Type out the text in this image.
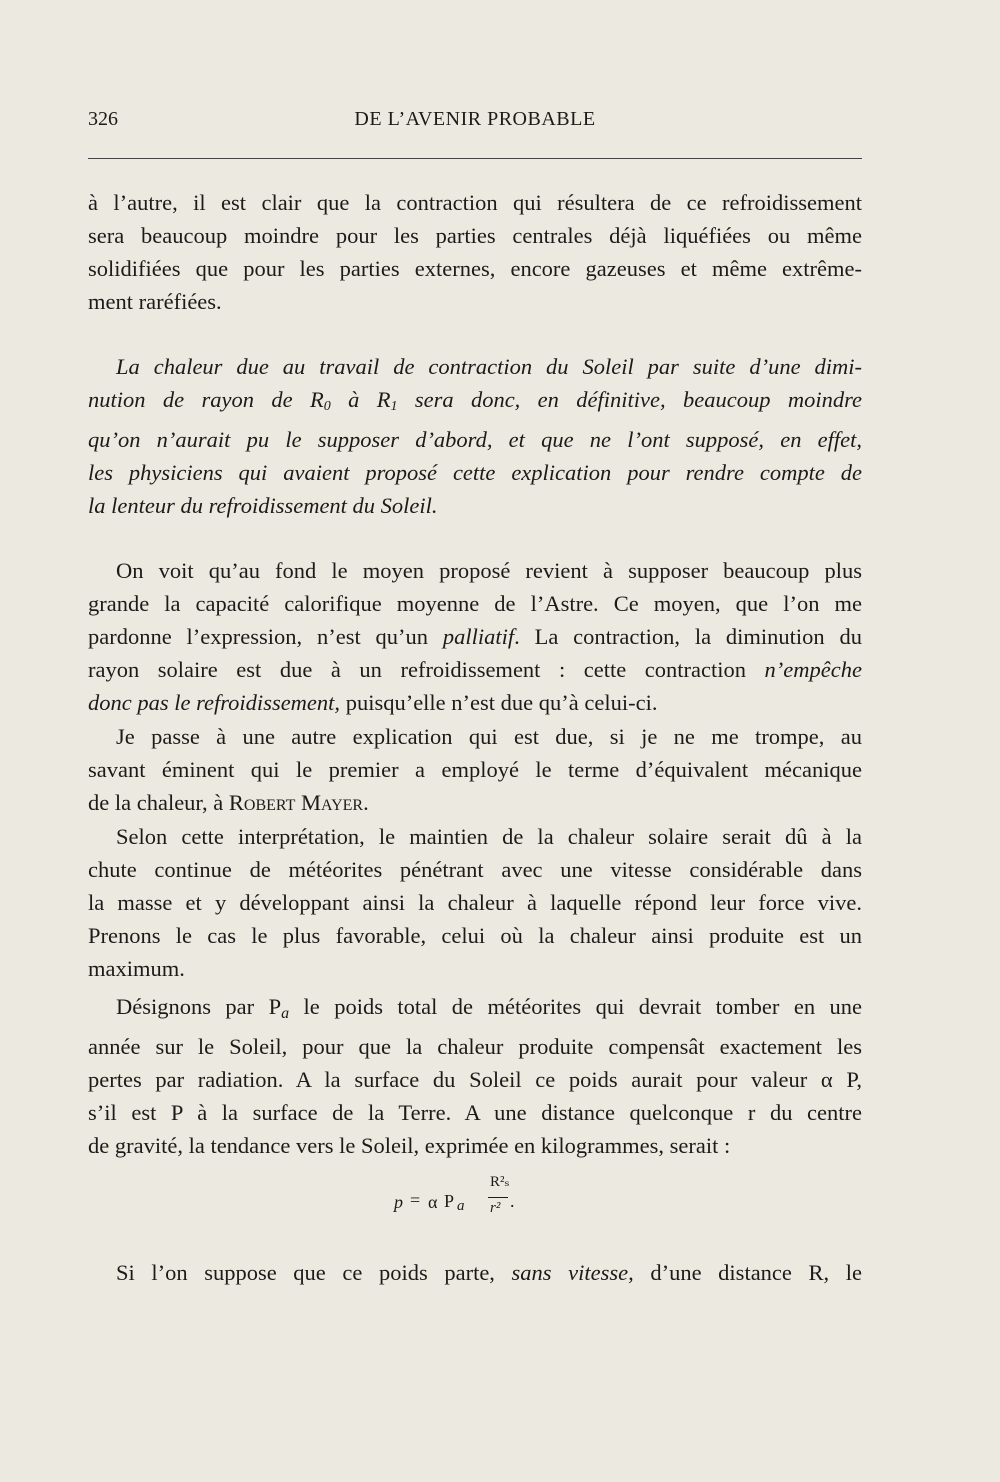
326	DE L’AVENIR PROBABLE

à l’autre, il est clair que la contraction qui résultera de ce refroidissement

sera beaucoup moindre pour les parties centrales déjà liquéfiées ou même

solidifiées que pour les parties externes, encore gazeuses et même extrême-

ment raréfiées.

La chaleur due au travail de contraction du Soleil par suite d’une dimi-

nution de rayon de $R_0$ à $R_1$ sera donc, en définitive, beaucoup moindre

qu’on n’aurait pu le supposer d’abord, et que ne l’ont supposé, en effet,

les physiciens qui avaient proposé cette explication pour rendre compte de

la lenteur du refroidissement du Soleil.

On voit qu’au fond le moyen proposé revient à supposer beaucoup plus

grande la capacité calorifique moyenne de l’Astre. Ce moyen, que l’on me

pardonne l’expression, n’est qu’un palliatif. La contraction, la diminution du

rayon solaire est due à un refroidissement : cette contraction n’empêche

donc pas le refroidissement, puisqu’elle n’est due qu’à celui-ci.

Je passe à une autre explication qui est due, si je ne me trompe, au

savant éminent qui le premier a employé le terme d’équivalent mécanique

de la chaleur, à Robert Mayer.

Selon cette interprétation, le maintien de la chaleur solaire serait dû à la

chute continue de météorites pénétrant avec une vitesse considérable dans

la masse et y développant ainsi la chaleur à laquelle répond leur force vive.

Prenons le cas le plus favorable, celui où la chaleur ainsi produite est un

maximum.

Désignons par $P_a$ le poids total de météorites qui devrait tomber en une

année sur le Soleil, pour que la chaleur produite compensât exactement les

pertes par radiation. A la surface du Soleil ce poids aurait pour valeur α P,

s’il est P à la surface de la Terre. A une distance quelconque r du centre

de gravité, la tendance vers le Soleil, exprimée en kilogrammes, serait :

p = α P a
R²ₛ
r² .

Si l’on suppose que ce poids parte, sans vitesse, d’une distance R, le
